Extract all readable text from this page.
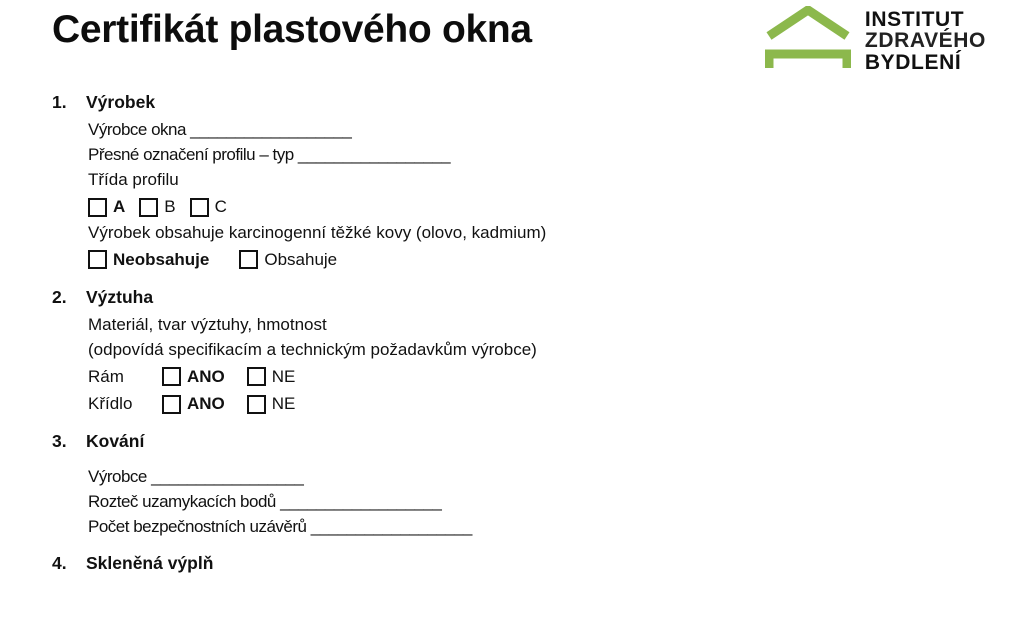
Certifikát plastového okna	INSTITUT
ZDRAVÉHO
BYDLENÍ
1.	Výrobek
Výrobce okna __________________
Přesné označení profilu – typ _________________
Třída profilu
A B C
Výrobek obsahuje karcinogenní těžké kovy (olovo, kadmium)
Neobsahuje	Obsahuje
2.	Výztuha
Materiál, tvar výztuhy, hmotnost
(odpovídá specifikacím a technickým požadavkům výrobce)
Rám	ANO	NE
Křídlo	ANO	NE
3.	Kování
Výrobce _________________
Rozteč uzamykacích bodů __________________
Počet bezpečnostních uzávěrů __________________
4.	Skleněná výplň
